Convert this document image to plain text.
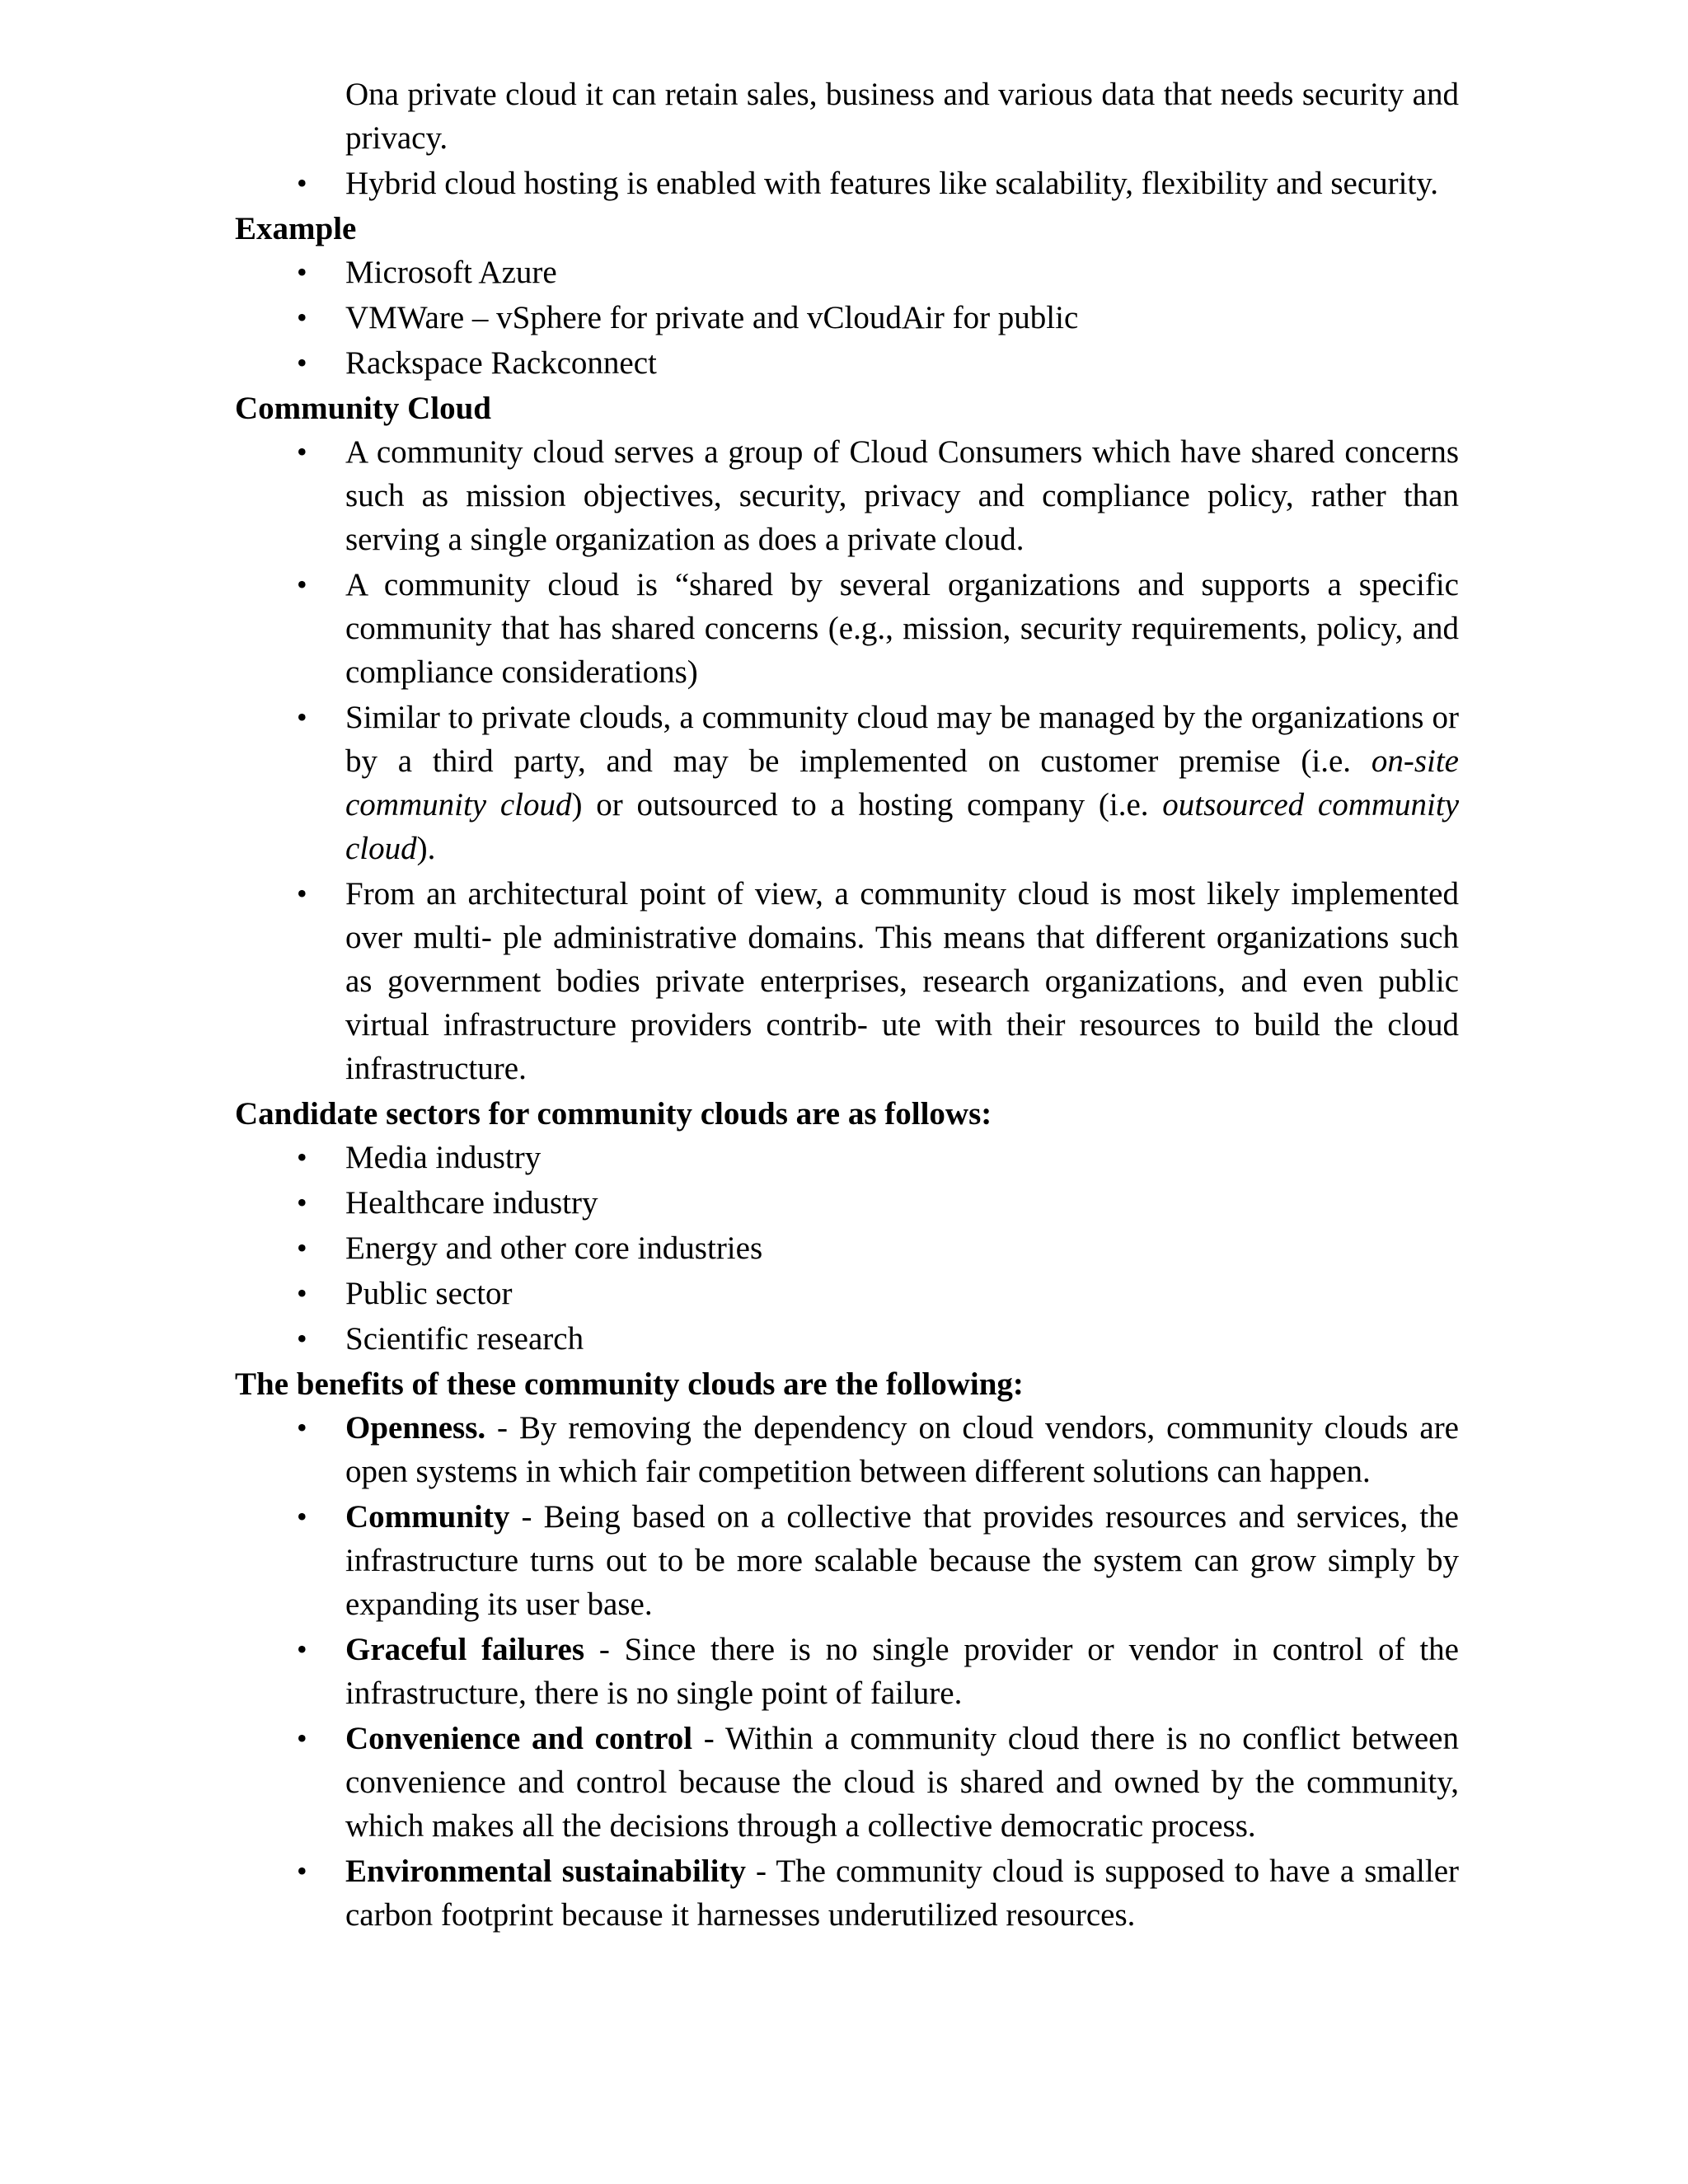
Ona private cloud it can retain sales, business and various data that needs security and privacy.

• Hybrid cloud hosting is enabled with features like scalability, flexibility and security.
Example
• Microsoft Azure
• VMWare – vSphere for private and vCloudAir for public
• Rackspace Rackconnect
Community Cloud
• A community cloud serves a group of Cloud Consumers which have shared concerns such as mission objectives, security, privacy and compliance policy, rather than serving a single organization as does a private cloud.
• A community cloud is “shared by several organizations and supports a specific community that has shared concerns (e.g., mission, security requirements, policy, and compliance considerations)
• Similar to private clouds, a community cloud may be managed by the organizations or by a third party, and may be implemented on customer premise (i.e. on-site community cloud) or outsourced to a hosting company (i.e. outsourced community cloud).
• From an architectural point of view, a community cloud is most likely implemented over multi- ple administrative domains. This means that different organizations such as government bodies private enterprises, research organizations, and even public virtual infrastructure providers contrib- ute with their resources to build the cloud infrastructure.
Candidate sectors for community clouds are as follows:
• Media industry
• Healthcare industry
• Energy and other core industries
• Public sector
• Scientific research
The benefits of these community clouds are the following:
• Openness. - By removing the dependency on cloud vendors, community clouds are open systems in which fair competition between different solutions can happen.
• Community - Being based on a collective that provides resources and services, the infrastructure turns out to be more scalable because the system can grow simply by expanding its user base.
• Graceful failures - Since there is no single provider or vendor in control of the infrastructure, there is no single point of failure.
• Convenience and control - Within a community cloud there is no conflict between convenience and control because the cloud is shared and owned by the community, which makes all the decisions through a collective democratic process.
• Environmental sustainability - The community cloud is supposed to have a smaller carbon footprint because it harnesses underutilized resources.
